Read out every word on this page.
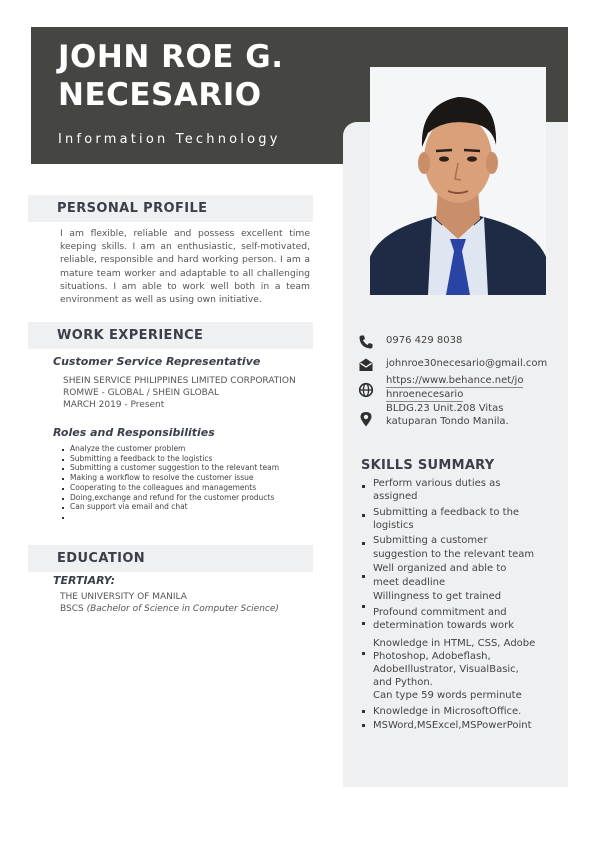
JOHN ROE G.
NECESARIO
Information Technology
PERSONAL PROFILE
I am flexible, reliable and possess excellent time keeping skills. I am an enthusiastic, self-motivated, reliable, responsible and hard working person. I am a mature team worker and adaptable to all challenging situations. I am able to work well both in a team environment as well as using own initiative.
WORK EXPERIENCE
Customer Service Representative
SHEIN SERVICE PHILIPPINES LIMITED CORPORATION
ROMWE - GLOBAL / SHEIN GLOBAL
MARCH 2019 - Present
Roles and Responsibilities
Analyze the customer problem
Submitting a feedback to the logistics
Submitting a customer suggestion to the relevant team
Making a workflow to resolve the customer issue
Cooperating to the colleagues and managements
Doing,exchange and refund for the customer products
Can support via email and chat
EDUCATION
TERTIARY:
THE UNIVERSITY OF MANILA
BSCS (Bachelor of Science in Computer Science)
0976 429 8038
johnroe30necesario@gmail.com
https://www.behance.net/jo hnroenecesario
BLDG.23 Unit.208 Vitas
katuparan Tondo Manila.
SKILLS SUMMARY
Perform various duties as
assigned
Submitting a feedback to the
logistics
Submitting a customer
suggestion to the relevant team
Well organized and able to
meet deadline
Willingness to get trained
Profound commitment and
determination towards work
Knowledge in HTML, CSS, Adobe
Photoshop, Adobeflash,
AdobeIllustrator, VisualBasic,
and Python.
Can type 59 words perminute
Knowledge in MicrosoftOffice.
MSWord,MSExcel,MSPowerPoint
